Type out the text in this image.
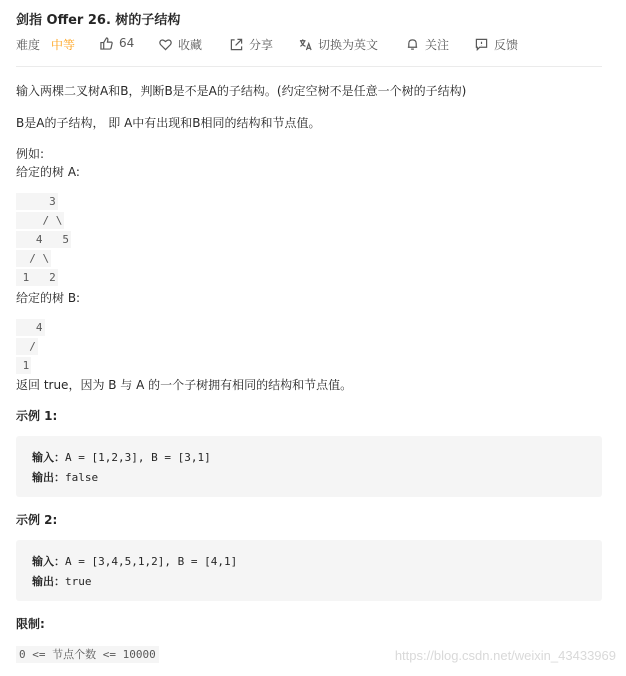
剑指 Offer 26. 树的子结构
难度 中等	64	收藏	分享	切换为英文	关注	反馈
输入两棵二叉树A和B，判断B是不是A的子结构。(约定空树不是任意一个树的子结构)
B是A的子结构， 即 A中有出现和B相同的结构和节点值。
例如:
给定的树 A:
3
/ \
4   5
/ \
1   2
给定的树 B:
4
/
1
返回 true，因为 B 与 A 的一个子树拥有相同的结构和节点值。
示例 1:
输入：A = [1,2,3], B = [3,1]
输出：false
示例 2:
输入：A = [3,4,5,1,2], B = [4,1]
输出：true
限制:
0 <= 节点个数 <= 10000	https://blog.csdn.net/weixin_43433969
